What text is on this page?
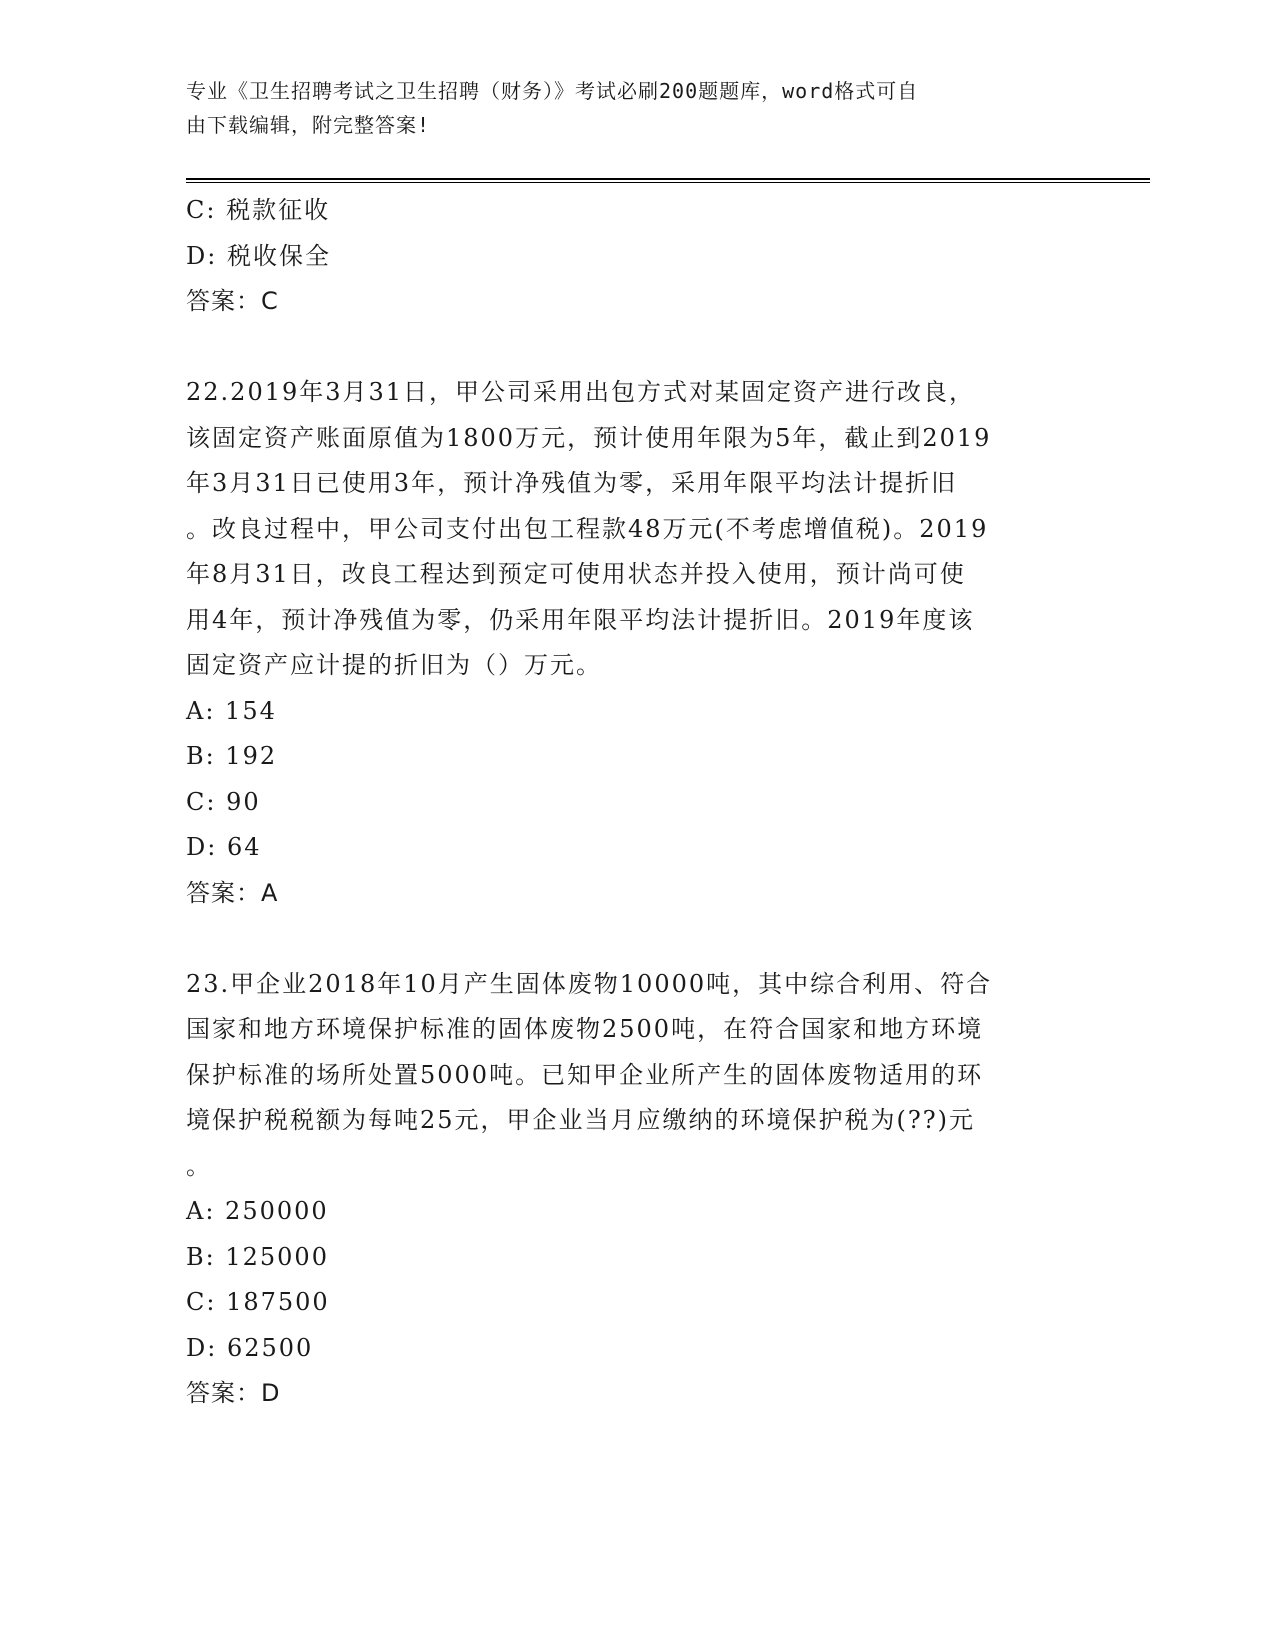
专业《卫生招聘考试之卫生招聘（财务）》考试必刷200题题库，word格式可自
由下载编辑，附完整答案!
C: 税款征收
D: 税收保全
答案：C
22.2019年3月31日，甲公司采用出包方式对某固定资产进行改良，
该固定资产账面原值为1800万元，预计使用年限为5年，截止到2019
年3月31日已使用3年，预计净残值为零，采用年限平均法计提折旧
。改良过程中，甲公司支付出包工程款48万元(不考虑增值税)。2019
年8月31日，改良工程达到预定可使用状态并投入使用，预计尚可使
用4年，预计净残值为零，仍采用年限平均法计提折旧。2019年度该
固定资产应计提的折旧为（）万元。
A: 154
B: 192
C: 90
D: 64
答案：A
23.甲企业2018年10月产生固体废物10000吨，其中综合利用、符合
国家和地方环境保护标准的固体废物2500吨，在符合国家和地方环境
保护标准的场所处置5000吨。已知甲企业所产生的固体废物适用的环
境保护税税额为每吨25元，甲企业当月应缴纳的环境保护税为(??)元
。
A: 250000
B: 125000
C: 187500
D: 62500
答案：D
